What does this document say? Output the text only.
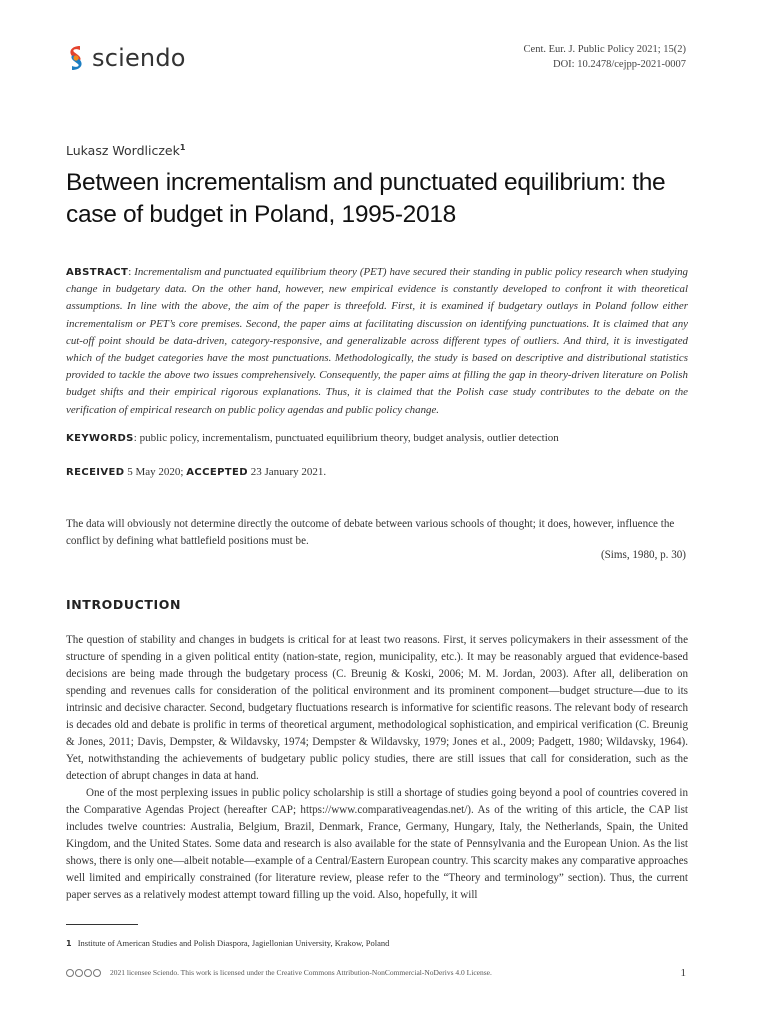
sciendo	Cent. Eur. J. Public Policy 2021; 15(2)
DOI: 10.2478/cejpp-2021-0007
Lukasz Wordliczek$^1$
Between incrementalism and punctuated equilibrium: the case of budget in Poland, 1995-2018
ABSTRACT: Incrementalism and punctuated equilibrium theory (PET) have secured their standing in public policy research when studying change in budgetary data. On the other hand, however, new empirical evidence is constantly developed to confront it with theoretical assumptions. In line with the above, the aim of the paper is threefold. First, it is examined if budgetary outlays in Poland follow either incrementalism or PET’s core premises. Second, the paper aims at facilitating discussion on identifying punctuations. It is claimed that any cut-off point should be data-driven, category-responsive, and generalizable across different types of outliers. And third, it is investigated which of the budget categories have the most punctuations. Methodologically, the study is based on descriptive and distributional statistics provided to tackle the above two issues comprehensively. Consequently, the paper aims at filling the gap in theory-driven literature on Polish budget shifts and their empirical rigorous explanations. Thus, it is claimed that the Polish case study contributes to the debate on the verification of empirical research on public policy agendas and public policy change.
KEYWORDS: public policy, incrementalism, punctuated equilibrium theory, budget analysis, outlier detection
RECEIVED 5 May 2020; ACCEPTED 23 January 2021.
The data will obviously not determine directly the outcome of debate between various schools of thought; it does, however, influence the conflict by defining what battlefield positions must be.
(Sims, 1980, p. 30)
INTRODUCTION

The question of stability and changes in budgets is critical for at least two reasons. First, it serves policymakers in their assessment of the structure of spending in a given political entity (nation-state, region, municipality, etc.). It may be reasonably argued that evidence-based decisions are being made through the budgetary process (C. Breunig & Koski, 2006; M. M. Jordan, 2003). After all, deliberation on spending and revenues calls for consideration of the political environment and its prominent component—budget structure—due to its intrinsic and decisive character. Second, budgetary fluctuations research is informative for scientific reasons. The relevant body of research is decades old and debate is prolific in terms of theoretical argument, methodological sophistication, and empirical verification (C. Breunig & Jones, 2011; Davis, Dempster, & Wildavsky, 1974; Dempster & Wildavsky, 1979; Jones et al., 2009; Padgett, 1980; Wildavsky, 1964). Yet, notwithstanding the achievements of budgetary public policy studies, there are still issues that call for consideration, such as the detection of abrupt changes in data at hand.

One of the most perplexing issues in public policy scholarship is still a shortage of studies going beyond a pool of countries covered in the Comparative Agendas Project (hereafter CAP; https://www.comparativeagendas.net/). As of the writing of this article, the CAP list includes twelve countries: Australia, Belgium, Brazil, Denmark, France, Germany, Hungary, Italy, the Netherlands, Spain, the United Kingdom, and the United States. Some data and research is also available for the state of Pennsylvania and the European Union. As the list shows, there is only one—albeit notable—example of a Central/Eastern European country. This scarcity makes any comparative approaches well limited and empirically constrained (for literature review, please refer to the “Theory and terminology” section). Thus, the current paper serves as a relatively modest attempt toward filling up the void. Also, hopefully, it will

1 Institute of American Studies and Polish Diaspora, Jagiellonian University, Krakow, Poland
2021 licensee Sciendo. This work is licensed under the Creative Commons Attribution-NonCommercial-NoDerivs 4.0 License.	1
